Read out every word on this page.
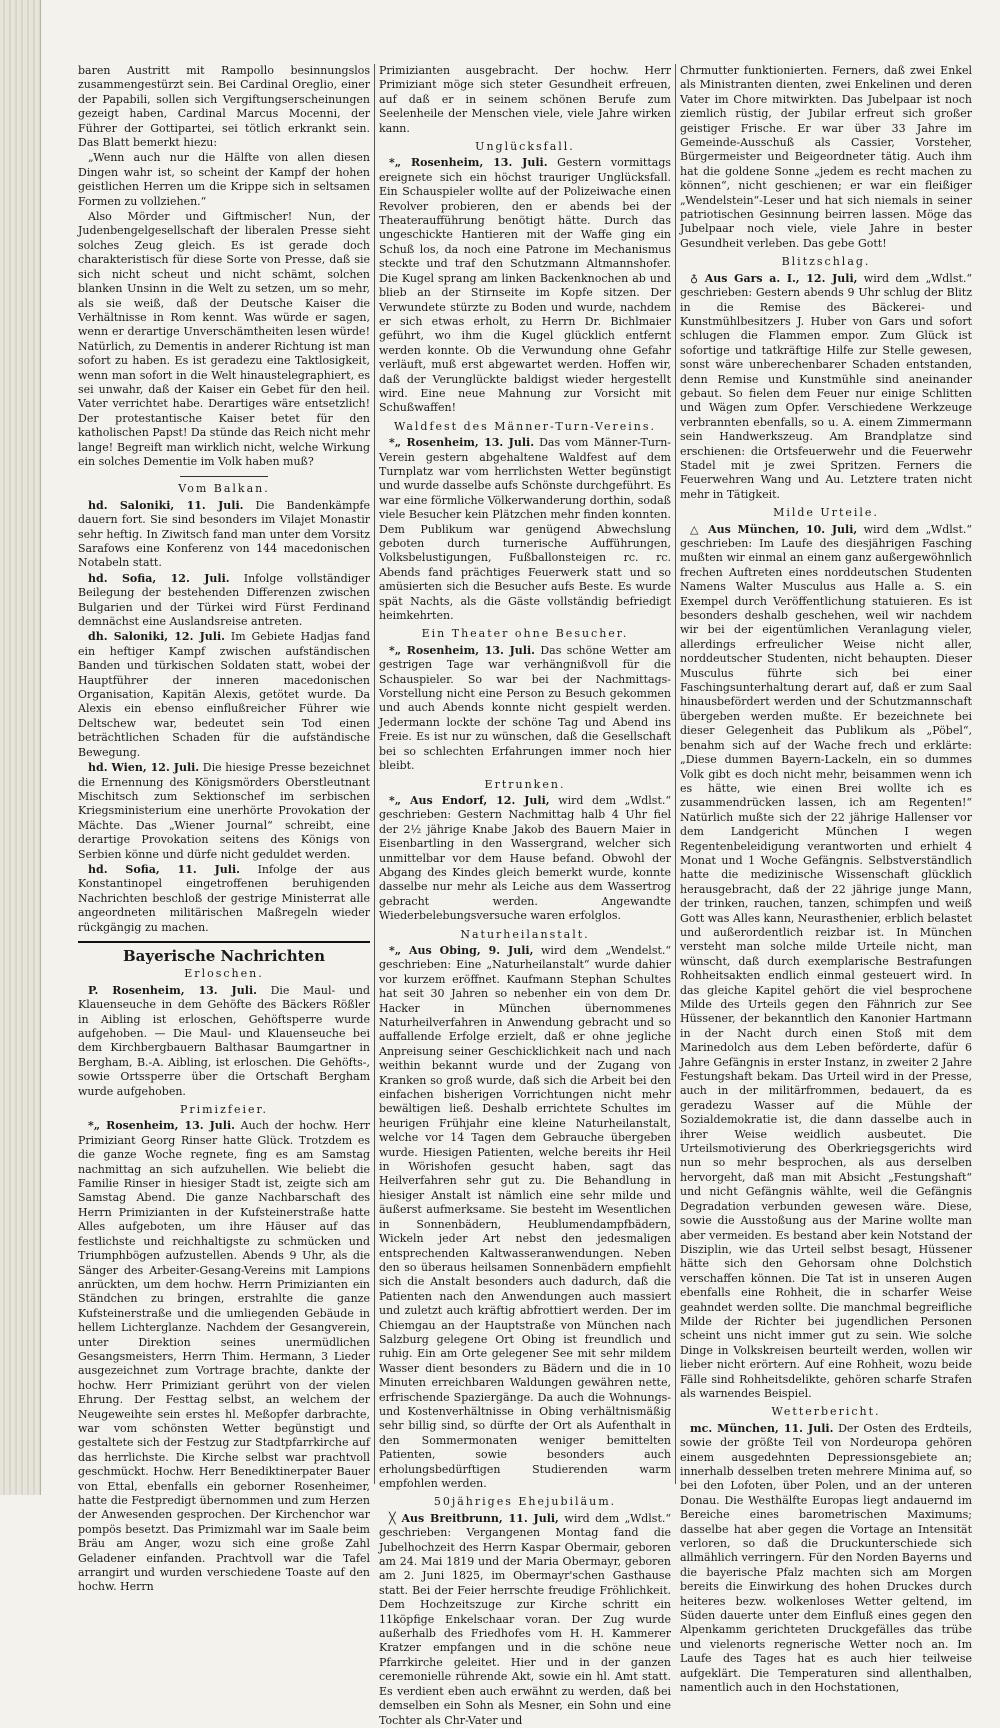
baren Austritt mit Rampollo besinnungslos zusammengestürzt sein. Bei Cardinal Oreglio, einer der Papabili, sollen sich Vergiftungserscheinungen gezeigt haben, Cardinal Marcus Mocenni, der Führer der Gottipartei, sei tötlich erkrankt sein. Das Blatt bemerkt hiezu:

„Wenn auch nur die Hälfte von allen diesen Dingen wahr ist, so scheint der Kampf der hohen geistlichen Herren um die Krippe sich in seltsamen Formen zu vollziehen.“

Also Mörder und Giftmischer! Nun, der Judenbengelgesellschaft der liberalen Presse sieht solches Zeug gleich. Es ist gerade doch charakteristisch für diese Sorte von Presse, daß sie sich nicht scheut und nicht schämt, solchen blanken Unsinn in die Welt zu setzen, um so mehr, als sie weiß, daß der Deutsche Kaiser die Verhältnisse in Rom kennt. Was würde er sagen, wenn er derartige Unverschämtheiten lesen würde! Natürlich, zu Dementis in anderer Richtung ist man sofort zu haben. Es ist geradezu eine Taktlosigkeit, wenn man sofort in die Welt hinaustelegraphiert, es sei unwahr, daß der Kaiser ein Gebet für den heil. Vater verrichtet habe. Derartiges wäre entsetzlich! Der protestantische Kaiser betet für den katholischen Papst! Da stünde das Reich nicht mehr lange! Begreift man wirklich nicht, welche Wirkung ein solches Dementie im Volk haben muß?

Vom Balkan.

hd. Saloniki, 11. Juli. Die Bandenkämpfe dauern fort. Sie sind besonders im Vilajet Monastir sehr heftig. In Ziwitsch fand man unter dem Vorsitz Sarafows eine Konferenz von 144 macedonischen Notabeln statt.

hd. Sofia, 12. Juli. Infolge vollständiger Beilegung der bestehenden Differenzen zwischen Bulgarien und der Türkei wird Fürst Ferdinand demnächst eine Auslandsreise antreten.

dh. Saloniki, 12. Juli. Im Gebiete Hadjas fand ein heftiger Kampf zwischen aufständischen Banden und türkischen Soldaten statt, wobei der Hauptführer der inneren macedonischen Organisation, Kapitän Alexis, getötet wurde. Da Alexis ein ebenso einflußreicher Führer wie Deltschew war, bedeutet sein Tod einen beträchtlichen Schaden für die aufständische Bewegung.

hd. Wien, 12. Juli. Die hiesige Presse bezeichnet die Ernennung des Königsmörders Oberstleutnant Mischitsch zum Sektionschef im serbischen Kriegsministerium eine unerhörte Provokation der Mächte. Das „Wiener Journal“ schreibt, eine derartige Provokation seitens des Königs von Serbien könne und dürfe nicht geduldet werden.

hd. Sofia, 11. Juli. Infolge der aus Konstantinopel eingetroffenen beruhigenden Nachrichten beschloß der gestrige Ministerrat alle angeordneten militärischen Maßregeln wieder rückgängig zu machen.

Bayerische Nachrichten
Erloschen.

P. Rosenheim, 13. Juli. Die Maul- und Klauenseuche in dem Gehöfte des Bäckers Rößler in Aibling ist erloschen, Gehöftsperre wurde aufgehoben. — Die Maul- und Klauenseuche bei dem Kirchbergbauern Balthasar Baumgartner in Bergham, B.-A. Aibling, ist erloschen. Die Gehöfts-, sowie Ortssperre über die Ortschaft Bergham wurde aufgehoben.

Primizfeier.

*„ Rosenheim, 13. Juli. Auch der hochw. Herr Primiziant Georg Rinser hatte Glück. Trotzdem es die ganze Woche regnete, fing es am Samstag nachmittag an sich aufzuhellen. Wie beliebt die Familie Rinser in hiesiger Stadt ist, zeigte sich am Samstag Abend. Die ganze Nachbarschaft des Herrn Primizianten in der Kufsteinerstraße hatte Alles aufgeboten, um ihre Häuser auf das festlichste und reichhaltigste zu schmücken und Triumphbögen aufzustellen. Abends 9 Uhr, als die Sänger des Arbeiter-Gesang-Vereins mit Lampions anrückten, um dem hochw. Herrn Primizianten ein Ständchen zu bringen, erstrahlte die ganze Kufsteinerstraße und die umliegenden Gebäude in hellem Lichterglanze. Nachdem der Gesangverein, unter Direktion seines unermüdlichen Gesangsmeisters, Herrn Thim. Hermann, 3 Lieder ausgezeichnet zum Vortrage brachte, dankte der hochw. Herr Primiziant gerührt von der vielen Ehrung. Der Festtag selbst, an welchem der Neugeweihte sein erstes hl. Meßopfer darbrachte, war vom schönsten Wetter begünstigt und gestaltete sich der Festzug zur Stadtpfarrkirche auf das herrlichste. Die Kirche selbst war prachtvoll geschmückt. Hochw. Herr Benediktinerpater Bauer von Ettal, ebenfalls ein geborner Rosenheimer, hatte die Festpredigt übernommen und zum Herzen der Anwesenden gesprochen. Der Kirchenchor war pompös besetzt. Das Primizmahl war im Saale beim Bräu am Anger, wozu sich eine große Zahl Geladener einfanden. Prachtvoll war die Tafel arrangirt und wurden verschiedene Toaste auf den hochw. Herrn

Primizianten ausgebracht. Der hochw. Herr Primiziant möge sich steter Gesundheit erfreuen, auf daß er in seinem schönen Berufe zum Seelenheile der Menschen viele, viele Jahre wirken kann.

Unglücksfall.

*„ Rosenheim, 13. Juli. Gestern vormittags ereignete sich ein höchst trauriger Unglücksfall. Ein Schauspieler wollte auf der Polizeiwache einen Revolver probieren, den er abends bei der Theateraufführung benötigt hätte. Durch das ungeschickte Hantieren mit der Waffe ging ein Schuß los, da noch eine Patrone im Mechanismus steckte und traf den Schutzmann Altmannshofer. Die Kugel sprang am linken Backenknochen ab und blieb an der Stirnseite im Kopfe sitzen. Der Verwundete stürzte zu Boden und wurde, nachdem er sich etwas erholt, zu Herrn Dr. Bichlmaier geführt, wo ihm die Kugel glücklich entfernt werden konnte. Ob die Verwundung ohne Gefahr verläuft, muß erst abgewartet werden. Hoffen wir, daß der Verunglückte baldigst wieder hergestellt wird. Eine neue Mahnung zur Vorsicht mit Schußwaffen!

Waldfest des Männer-Turn-Vereins.

*„ Rosenheim, 13. Juli. Das vom Männer-Turn-Verein gestern abgehaltene Waldfest auf dem Turnplatz war vom herrlichsten Wetter begünstigt und wurde dasselbe aufs Schönste durchgeführt. Es war eine förmliche Völkerwanderung dorthin, sodaß viele Besucher kein Plätzchen mehr finden konnten. Dem Publikum war genügend Abwechslung geboten durch turnerische Aufführungen, Volksbelustigungen, Fußballonsteigen rc. rc. Abends fand prächtiges Feuerwerk statt und so amüsierten sich die Besucher aufs Beste. Es wurde spät Nachts, als die Gäste vollständig befriedigt heimkehrten.

Ein Theater ohne Besucher.

*„ Rosenheim, 13. Juli. Das schöne Wetter am gestrigen Tage war verhängnißvoll für die Schauspieler. So war bei der Nachmittags-Vorstellung nicht eine Person zu Besuch gekommen und auch Abends konnte nicht gespielt werden. Jedermann lockte der schöne Tag und Abend ins Freie. Es ist nur zu wünschen, daß die Gesellschaft bei so schlechten Erfahrungen immer noch hier bleibt.

Ertrunken.

*„ Aus Endorf, 12. Juli, wird dem „Wdlst.“ geschrieben: Gestern Nachmittag halb 4 Uhr fiel der 2½ jährige Knabe Jakob des Bauern Maier in Eisenbartling in den Wassergrand, welcher sich unmittelbar vor dem Hause befand. Obwohl der Abgang des Kindes gleich bemerkt wurde, konnte dasselbe nur mehr als Leiche aus dem Wassertrog gebracht werden. Angewandte Wiederbelebungsversuche waren erfolglos.

Naturheilanstalt.

*„ Aus Obing, 9. Juli, wird dem „Wendelst.“ geschrieben: Eine „Naturheilanstalt“ wurde dahier vor kurzem eröffnet. Kaufmann Stephan Schultes hat seit 30 Jahren so nebenher ein von dem Dr. Hacker in München übernommenes Naturheilverfahren in Anwendung gebracht und so auffallende Erfolge erzielt, daß er ohne jegliche Anpreisung seiner Geschicklichkeit nach und nach weithin bekannt wurde und der Zugang von Kranken so groß wurde, daß sich die Arbeit bei den einfachen bisherigen Vorrichtungen nicht mehr bewältigen ließ. Deshalb errichtete Schultes im heurigen Frühjahr eine kleine Naturheilanstalt, welche vor 14 Tagen dem Gebrauche übergeben wurde. Hiesigen Patienten, welche bereits ihr Heil in Wörishofen gesucht haben, sagt das Heilverfahren sehr gut zu. Die Behandlung in hiesiger Anstalt ist nämlich eine sehr milde und äußerst aufmerksame. Sie besteht im Wesentlichen in Sonnenbädern, Heublumendampfbädern, Wickeln jeder Art nebst den jedesmaligen entsprechenden Kaltwasseranwendungen. Neben den so überaus heilsamen Sonnenbädern empfiehlt sich die Anstalt besonders auch dadurch, daß die Patienten nach den Anwendungen auch massiert und zuletzt auch kräftig abfrottiert werden. Der im Chiemgau an der Hauptstraße von München nach Salzburg gelegene Ort Obing ist freundlich und ruhig. Ein am Orte gelegener See mit sehr mildem Wasser dient besonders zu Bädern und die in 10 Minuten erreichbaren Waldungen gewähren nette, erfrischende Spaziergänge. Da auch die Wohnungs- und Kostenverhältnisse in Obing verhältnismäßig sehr billig sind, so dürfte der Ort als Aufenthalt in den Sommermonaten weniger bemittelten Patienten, sowie besonders auch erholungsbedürftigen Studierenden warm empfohlen werden.

50jähriges Ehejubiläum.

╳ Aus Breitbrunn, 11. Juli, wird dem „Wdlst.“ geschrieben: Vergangenen Montag fand die Jubelhochzeit des Herrn Kaspar Obermair, geboren am 24. Mai 1819 und der Maria Obermayr, geboren am 2. Juni 1825, im Obermayr'schen Gasthause statt. Bei der Feier herrschte freudige Fröhlichkeit. Dem Hochzeitszuge zur Kirche schritt ein 11köpfige Enkelschaar voran. Der Zug wurde außerhalb des Friedhofes vom H. H. Kammerer Kratzer empfangen und in die schöne neue Pfarrkirche geleitet. Hier und in der ganzen ceremonielle rührende Akt, sowie ein hl. Amt statt. Es verdient eben auch erwähnt zu werden, daß bei demselben ein Sohn als Mesner, ein Sohn und eine Tochter als Chr-Vater und

Chrmutter funktionierten. Ferners, daß zwei Enkel als Ministranten dienten, zwei Enkelinen und deren Vater im Chore mitwirkten. Das Jubelpaar ist noch ziemlich rüstig, der Jubilar erfreut sich großer geistiger Frische. Er war über 33 Jahre im Gemeinde-Ausschuß als Cassier, Vorsteher, Bürgermeister und Beigeordneter tätig. Auch ihm hat die goldene Sonne „jedem es recht machen zu können“, nicht geschienen; er war ein fleißiger „Wendelstein“-Leser und hat sich niemals in seiner patriotischen Gesinnung beirren lassen. Möge das Jubelpaar noch viele, viele Jahre in bester Gesundheit verleben. Das gebe Gott!

Blitzschlag.

♁ Aus Gars a. I., 12. Juli, wird dem „Wdlst.“ geschrieben: Gestern abends 9 Uhr schlug der Blitz in die Remise des Bäckerei- und Kunstmühlbesitzers J. Huber von Gars und sofort schlugen die Flammen empor. Zum Glück ist sofortige und tatkräftige Hilfe zur Stelle gewesen, sonst wäre unberechenbarer Schaden entstanden, denn Remise und Kunstmühle sind aneinander gebaut. So fielen dem Feuer nur einige Schlitten und Wägen zum Opfer. Verschiedene Werkzeuge verbrannten ebenfalls, so u. A. einem Zimmermann sein Handwerkszeug. Am Brandplatze sind erschienen: die Ortsfeuerwehr und die Feuerwehr Stadel mit je zwei Spritzen. Ferners die Feuerwehren Wang und Au. Letztere traten nicht mehr in Tätigkeit.

Milde Urteile.

△ Aus München, 10. Juli, wird dem „Wdlst.“ geschrieben: Im Laufe des diesjährigen Fasching mußten wir einmal an einem ganz außergewöhnlich frechen Auftreten eines norddeutschen Studenten Namens Walter Musculus aus Halle a. S. ein Exempel durch Veröffentlichung statuieren. Es ist besonders deshalb geschehen, weil wir nachdem wir bei der eigentümlichen Veranlagung vieler, allerdings erfreulicher Weise nicht aller, norddeutscher Studenten, nicht behaupten. Dieser Musculus führte sich bei einer Faschingsunterhaltung derart auf, daß er zum Saal hinausbefördert werden und der Schutzmannschaft übergeben werden mußte. Er bezeichnete bei dieser Gelegenheit das Publikum als „Pöbel“, benahm sich auf der Wache frech und erklärte: „Diese dummen Bayern-Lackeln, ein so dummes Volk gibt es doch nicht mehr, beisammen wenn ich es hätte, wie einen Brei wollte ich es zusammendrücken lassen, ich am Regenten!“ Natürlich mußte sich der 22 jährige Hallenser vor dem Landgericht München I wegen Regentenbeleidigung verantworten und erhielt 4 Monat und 1 Woche Gefängnis. Selbstverständlich hatte die medizinische Wissenschaft glücklich herausgebracht, daß der 22 jährige junge Mann, der trinken, rauchen, tanzen, schimpfen und weiß Gott was Alles kann, Neurasthenier, erblich belastet und außerordentlich reizbar ist. In München versteht man solche milde Urteile nicht, man wünscht, daß durch exemplarische Bestrafungen Rohheitsakten endlich einmal gesteuert wird. In das gleiche Kapitel gehört die viel besprochene Milde des Urteils gegen den Fähnrich zur See Hüssener, der bekanntlich den Kanonier Hartmann in der Nacht durch einen Stoß mit dem Marinedolch aus dem Leben beförderte, dafür 6 Jahre Gefängnis in erster Instanz, in zweiter 2 Jahre Festungshaft bekam. Das Urteil wird in der Presse, auch in der militärfrommen, bedauert, da es geradezu Wasser auf die Mühle der Sozialdemokratie ist, die dann dasselbe auch in ihrer Weise weidlich ausbeutet. Die Urteilsmotivierung des Oberkriegsgerichts wird nun so mehr besprochen, als aus derselben hervorgeht, daß man mit Absicht „Festungshaft“ und nicht Gefängnis wählte, weil die Gefängnis Degradation verbunden gewesen wäre. Diese, sowie die Ausstoßung aus der Marine wollte man aber vermeiden. Es bestand aber kein Notstand der Disziplin, wie das Urteil selbst besagt, Hüssener hätte sich den Gehorsam ohne Dolchstich verschaffen können. Die Tat ist in unseren Augen ebenfalls eine Rohheit, die in scharfer Weise geahndet werden sollte. Die manchmal begreifliche Milde der Richter bei jugendlichen Personen scheint uns nicht immer gut zu sein. Wie solche Dinge in Volkskreisen beurteilt werden, wollen wir lieber nicht erörtern. Auf eine Rohheit, wozu beide Fälle sind Rohheitsdelikte, gehören scharfe Strafen als warnendes Beispiel.

Wetterbericht.

mc. München, 11. Juli. Der Osten des Erdteils, sowie der größte Teil von Nordeuropa gehören einem ausgedehnten Depressionsgebiete an; innerhalb desselben treten mehrere Minima auf, so bei den Lofoten, über Polen, und an der unteren Donau. Die Westhälfte Europas liegt andauernd im Bereiche eines barometrischen Maximums; dasselbe hat aber gegen die Vortage an Intensität verloren, so daß die Druckunterschiede sich allmählich verringern. Für den Norden Bayerns und die bayerische Pfalz machten sich am Morgen bereits die Einwirkung des hohen Druckes durch heiteres bezw. wolkenloses Wetter geltend, im Süden dauerte unter dem Einfluß eines gegen den Alpenkamm gerichteten Druckgefälles das trübe und vielenorts regnerische Wetter noch an. Im Laufe des Tages hat es auch hier teilweise aufgeklärt. Die Temperaturen sind allenthalben, namentlich auch in den Hochstationen,
